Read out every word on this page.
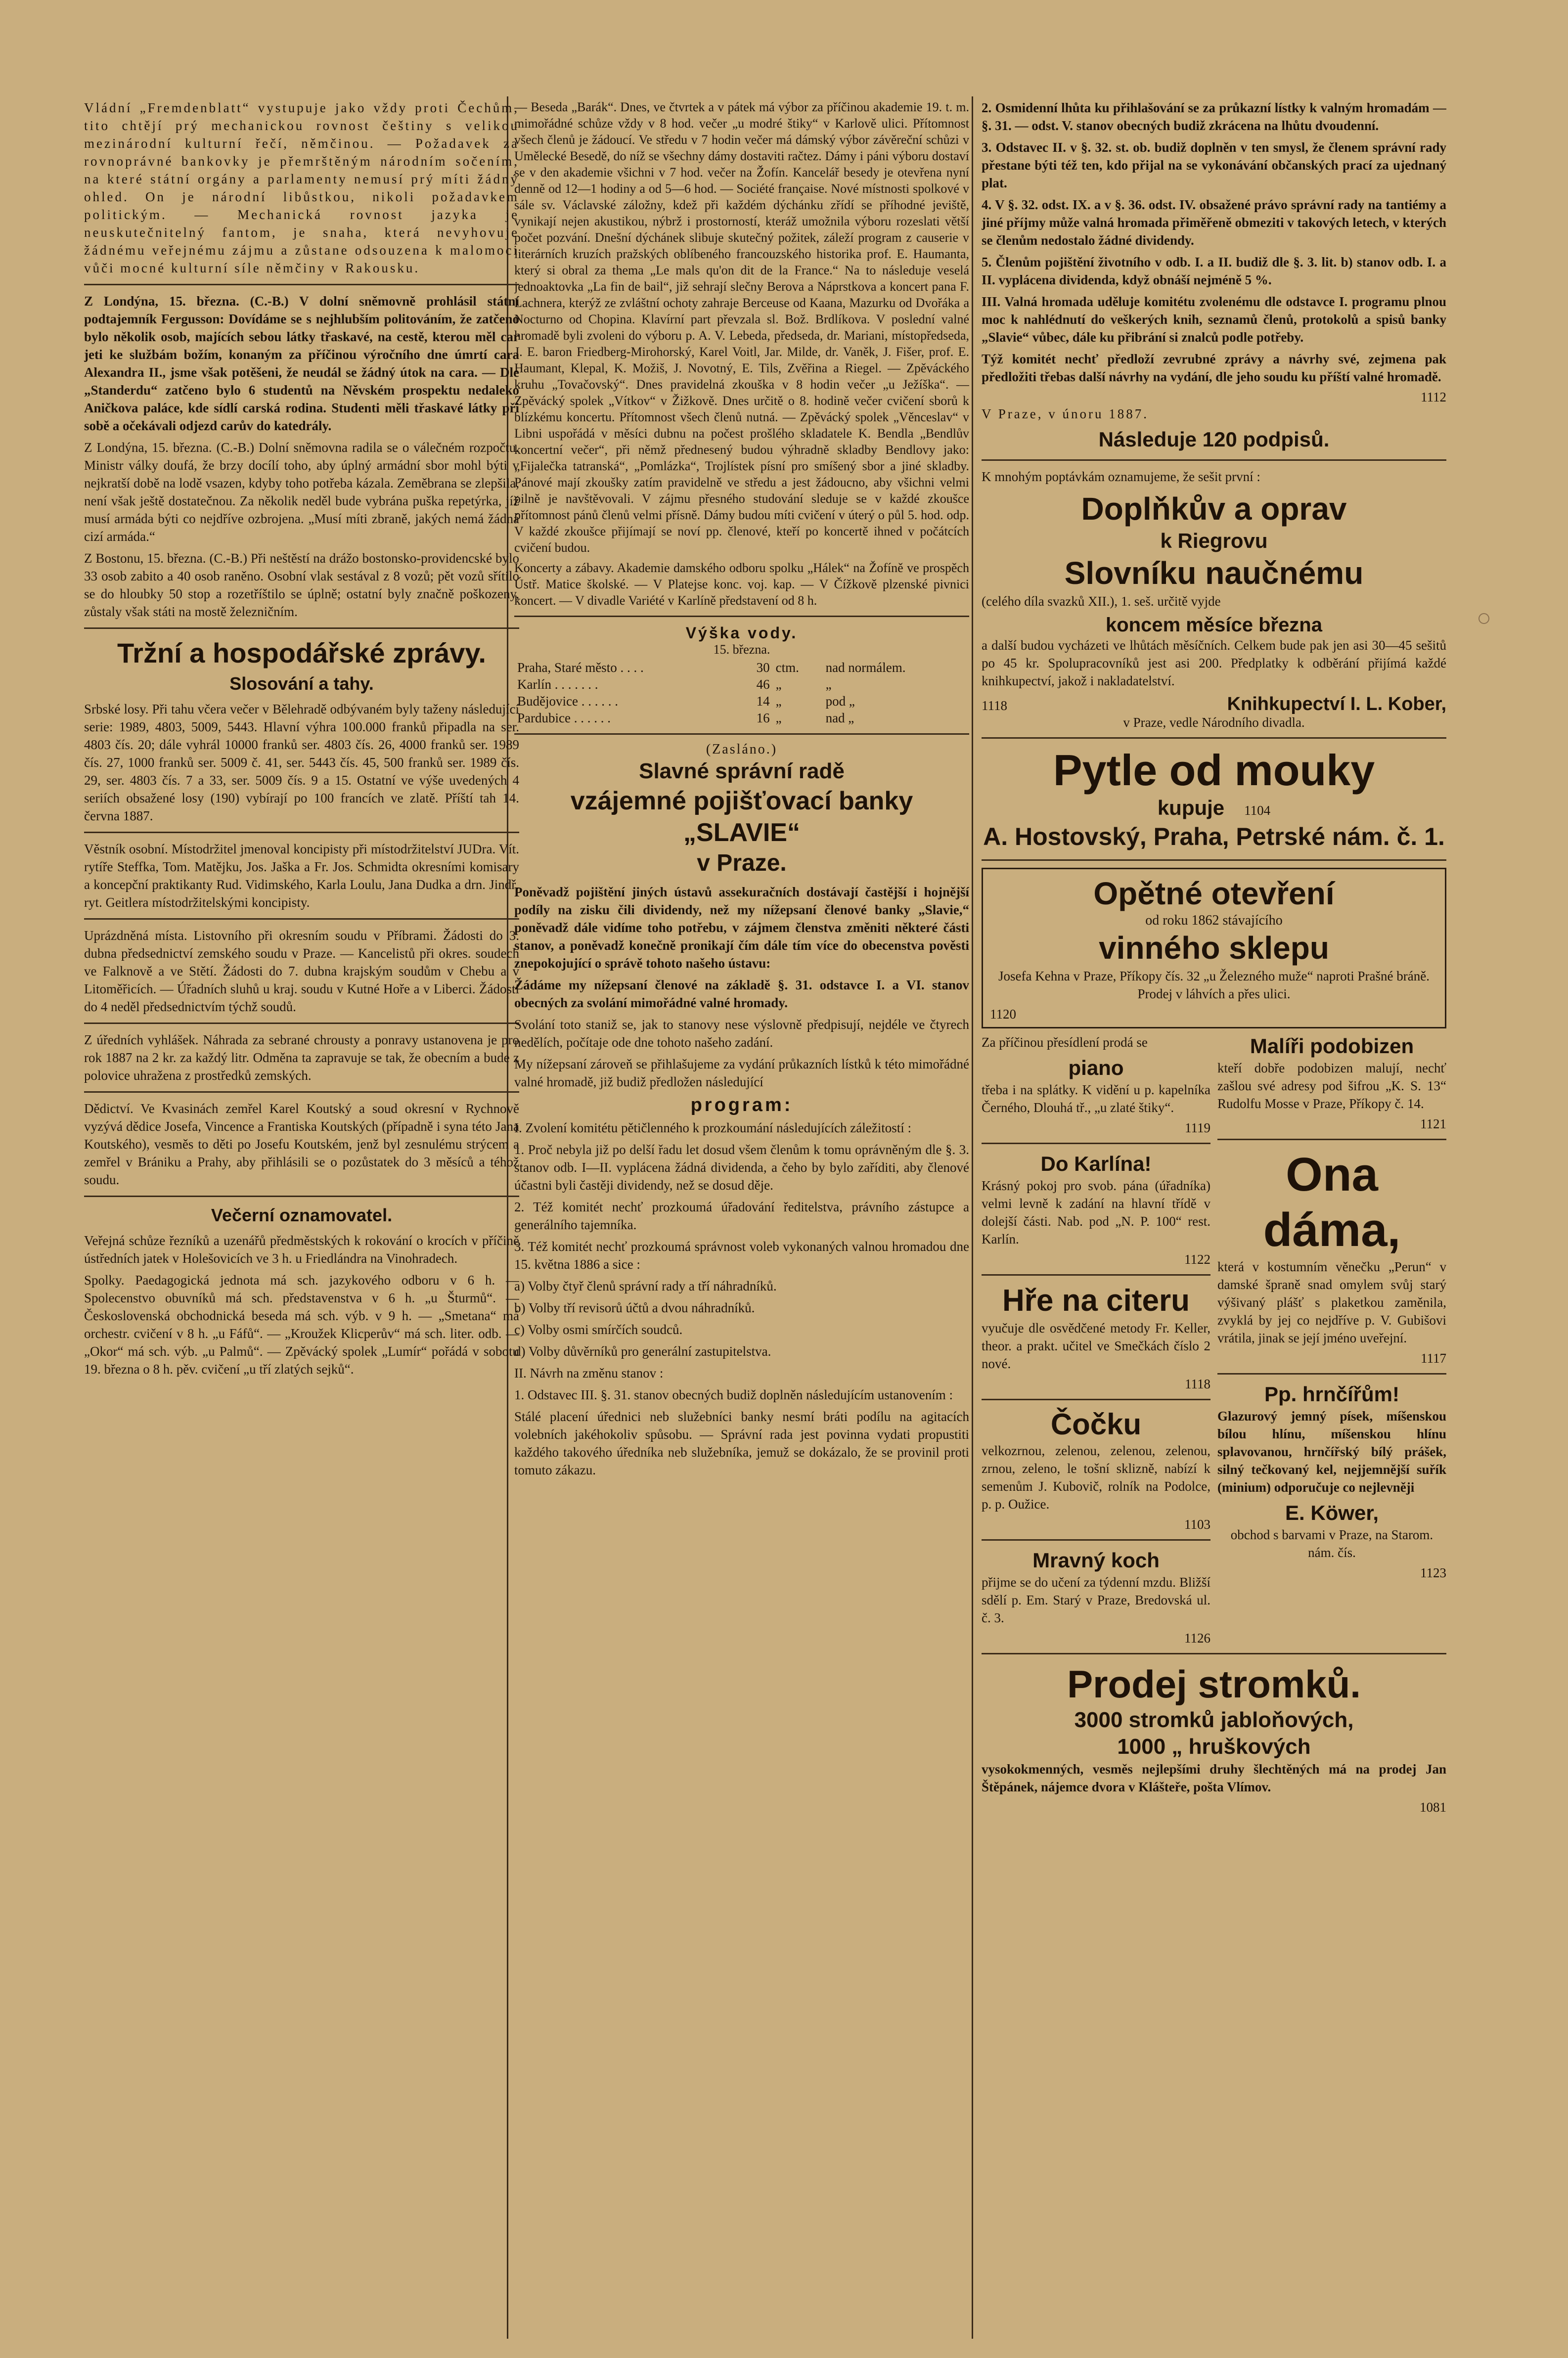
Vládní „Fremdenblatt“ vystupuje jako vždy proti Čechům, tito chtějí prý mechanickou rovnost češtiny s velikou mezinárodní kulturní řečí, němčinou. — Požadavek za rovnoprávné bankovky je přemrštěným národním sočením, na které státní orgány a parlamenty nemusí prý míti žádný ohled. On je národní libůstkou, nikoli požadavkem politickým. — Mechanická rovnost jazyka je neuskutečnitelný fantom, je snaha, která nevyhovuje žádnému veřejnému zájmu a zůstane odsouzena k malomoci vůči mocné kulturní síle němčiny v Rakousku.

Z Londýna, 15. března. (C.-B.) V dolní sněmovně prohlásil státní podtajemník Fergusson: Dovídáme se s nejhlubším politováním, že zatčeno bylo několik osob, majících sebou látky třaskavé, na cestě, kterou měl car jeti ke službám božím, konaným za příčinou výročního dne úmrtí cara Alexandra II., jsme však potěšeni, že neudál se žádný útok na cara. — Dle „Standerdu“ zatčeno bylo 6 studentů na Něvském prospektu nedaleko Aničkova paláce, kde sídlí carská rodina. Studenti měli třaskavé látky při sobě a očekávali odjezd carův do katedrály.

Z Londýna, 15. března. (C.-B.) Dolní sněmovna radila se o válečném rozpočtu. Ministr války doufá, že brzy docílí toho, aby úplný armádní sbor mohl býti v nejkratší době na lodě vsazen, kdyby toho potřeba kázala. Zeměbrana se zlepšila, není však ještě dostatečnou. Za několik neděl bude vybrána puška repetýrka, jíž musí armáda býti co nejdříve ozbrojena. „Musí míti zbraně, jakých nemá žádná cizí armáda.“

Z Bostonu, 15. března. (C.-B.) Při neštěstí na drážo bostonsko-providencské bylo 33 osob zabito a 40 osob raněno. Osobní vlak sestával z 8 vozů; pět vozů sřítilo se do hloubky 50 stop a rozetříštilo se úplně; ostatní byly značně poškozeny, zůstaly však státi na mostě železničním.

Tržní a hospodářské zprávy.
Slosování a tahy.

Srbské losy. Při tahu včera večer v Bělehradě odbývaném byly taženy následující serie: 1989, 4803, 5009, 5443. Hlavní výhra 100.000 franků připadla na ser. 4803 čís. 20; dále vyhrál 10000 franků ser. 4803 čís. 26, 4000 franků ser. 1989 čís. 27, 1000 franků ser. 5009 č. 41, ser. 5443 čís. 45, 500 franků ser. 1989 čís. 29, ser. 4803 čís. 7 a 33, ser. 5009 čís. 9 a 15. Ostatní ve výše uvedených 4 seriích obsažené losy (190) vybírají po 100 francích ve zlatě. Příští tah 14. června 1887.

Věstník osobní. Místodržitel jmenoval koncipisty při místodržitelství JUDra. Vít. rytíře Steffka, Tom. Matějku, Jos. Jaška a Fr. Jos. Schmidta okresními komisary a koncepční praktikanty Rud. Vidimského, Karla Loulu, Jana Dudka a drn. Jindř. ryt. Geitlera místodržitelskými koncipisty.

Uprázdněná místa. Listovního při okresním soudu v Příbrami. Žádosti do 3. dubna předsednictví zemského soudu v Praze. — Kancelistů při okres. soudech ve Falknově a ve Stětí. Žádosti do 7. dubna krajským soudům v Chebu a v Litoměřicích. — Úřadních sluhů u kraj. soudu v Kutné Hoře a v Liberci. Žádosti do 4 neděl předsednictvím týchž soudů.

Z úředních vyhlášek. Náhrada za sebrané chrousty a ponravy ustanovena je pro rok 1887 na 2 kr. za každý litr. Odměna ta zapravuje se tak, že obecním a bude z polovice uhražena z prostředků zemských.

Dědictví. Ve Kvasinách zemřel Karel Koutský a soud okresní v Rychnově vyzývá dědice Josefa, Vincence a Frantiska Koutských (případně i syna této Jana Koutského), vesměs to děti po Josefu Koutském, jenž byl zesnulému strýcem a zemřel v Brániku a Prahy, aby přihlásili se o pozůstatek do 3 měsíců a téhož soudu.

Večerní oznamovatel.

Veřejná schůze řezníků a uzenářů předměstských k rokování o krocích v příčině ústředních jatek v Holešovicích ve 3 h. u Friedlándra na Vinohradech.

Spolky. Paedagogická jednota má sch. jazykového odboru v 6 h. — Spolecenstvo obuvníků má sch. představenstva v 6 h. „u Šturmů“. — Československá obchodnická beseda má sch. výb. v 9 h. — „Smetana“ má orchestr. cvičení v 8 h. „u Fáfů“. — „Kroužek Klicperův“ má sch. liter. odb. — „Okor“ má sch. výb. „u Palmů“. — Zpěvácký spolek „Lumír“ pořádá v sobotu 19. března o 8 h. pěv. cvičení „u tří zlatých sejků“.

— Beseda „Barák“. Dnes, ve čtvrtek a v pátek má výbor za příčinou akademie 19. t. m. mimořádné schůze vždy v 8 hod. večer „u modré štiky“ v Karlově ulici. Přítomnost všech členů je žádoucí. Ve středu v 7 hodin večer má dámský výbor závěreční schůzi v Umělecké Besedě, do níž se všechny dámy dostaviti račtez. Dámy i páni výboru dostaví se v den akademie všichni v 7 hod. večer na Žofín. Kancelář besedy je otevřena nyní denně od 12—1 hodiny a od 5—6 hod. — Société française. Nové místnosti spolkové v sále sv. Václavské záložny, kdež při každém dýchánku zřídí se příhodné jeviště, vynikají nejen akustikou, nýbrž i prostorností, kteráž umožnila výboru rozeslati větší počet pozvání. Dnešní dýchánek slibuje skutečný požitek, záleží program z causerie v literárních kruzích pražských oblíbeného francouzského historika prof. E. Haumanta, který si obral za thema „Le mals qu'on dit de la France.“ Na to následuje veselá jednoaktovka „La fin de bail“, již sehrají slečny Berova a Náprstkova a koncert pana F. Lachnera, kterýž ze zvláštní ochoty zahraje Berceuse od Kaana, Mazurku od Dvořáka a Nocturno od Chopina. Klavírní part převzala sl. Bož. Brdlíkova. V poslední valné hromadě byli zvoleni do výboru p. A. V. Lebeda, předseda, dr. Mariani, místopředseda, J. E. baron Friedberg-Mirohorský, Karel Voitl, Jar. Milde, dr. Vaněk, J. Fišer, prof. E. Haumant, Klepal, K. Možiš, J. Novotný, E. Tils, Zvěřina a Riegel. — Zpěváckého kruhu „Tovačovský“. Dnes pravidelná zkouška v 8 hodin večer „u Ježíška“. — Zpěvácký spolek „Vítkov“ v Žižkově. Dnes určitě o 8. hodině večer cvičení sborů k blízkému koncertu. Přítomnost všech členů nutná. — Zpěvácký spolek „Věnceslav“ v Libni uspořádá v měsíci dubnu na počest prošlého skladatele K. Bendla „Bendlův koncertní večer“, při němž přednesený budou výhradně skladby Bendlovy jako: „Fijalečka tatranská“, „Pomlázka“, Trojlístek písní pro smíšený sbor a jiné skladby. Pánové mají zkoušky zatím pravidelně ve středu a jest žádoucno, aby všichni velmi pilně je navštěvovali. V zájmu přesného studování sleduje se v každé zkoušce přítomnost pánů členů velmi přísně. Dámy budou míti cvičení v úterý o půl 5. hod. odp. V každé zkoušce přijímají se noví pp. členové, kteří po koncertě ihned v počátcích cvičení budou.

Koncerty a zábavy. Akademie damského odboru spolku „Hálek“ na Žofíně ve prospěch Ústř. Matice školské. — V Platejse konc. voj. kap. — V Čížkově plzenské pivnici koncert. — V divadle Variété v Karlíně představení od 8 h.

Výška vody.
15. března.
Praha, Staré město . . . .	30	ctm.	nad normálem.
Karlín . . . . . . .	46	„	„
Budějovice . . . . . .	14	„	pod „
Pardubice . . . . . .	16	„	nad „
(Zasláno.)
Slavné správní radě
vzájemné pojišťovací banky „SLAVIE“
v Praze.

Poněvadž pojištění jiných ústavů assekuračních dostávají častější i hojnější podíly na zisku čili dividendy, než my nížepsaní členové banky „Slavie,“ poněvadž dále vidíme toho potřebu, v zájmem členstva změniti některé části stanov, a poněvadž konečně pronikají čím dále tím více do obecenstva pověsti znepokojující o správě tohoto našeho ústavu:

Žádáme my nížepsaní členové na základě §. 31. odstavce I. a VI. stanov obecných za svolání mimořádné valné hromady.

Svolání toto staniž se, jak to stanovy nese výslovně předpisují, nejdéle ve čtyrech nedělích, počítaje ode dne tohoto našeho zadání.

My nížepsaní zároveň se přihlašujeme za vydání průkazních lístků k této mimořádné valné hromadě, již budiž předložen následující

program:

I. Zvolení komitétu pětičlenného k prozkoumání následujících záležitostí :

1. Proč nebyla již po delší řadu let dosud všem členům k tomu oprávněným dle §. 3. stanov odb. I—II. vyplácena žádná dividenda, a čeho by bylo zaříditi, aby členové účastni byli častěji dividendy, než se dosud děje.

2. Též komitét nechť prozkoumá úřadování ředitelstva, právního zástupce a generálního tajemníka.

3. Též komitét nechť prozkoumá správnost voleb vykonaných valnou hromadou dne 15. května 1886 a sice :

a) Volby čtyř členů správní rady a tří náhradníků.

b) Volby tří revisorů účtů a dvou náhradníků.

c) Volby osmi smírčích soudců.

d) Volby důvěrníků pro generální zastupitelstva.

II. Návrh na změnu stanov :

1. Odstavec III. §. 31. stanov obecných budiž doplněn následujícím ustanovením :

Stálé placení úřednici neb služebníci banky nesmí bráti podílu na agitacích volebních jakéhokoliv spůsobu. — Správní rada jest povinna vydati propustiti každého takového úředníka neb služebníka, jemuž se dokázalo, že se provinil proti tomuto zákazu.

2. Osmidenní lhůta ku přihlašování se za průkazní lístky k valným hromadám — §. 31. — odst. V. stanov obecných budiž zkrácena na lhůtu dvoudenní.

3. Odstavec II. v §. 32. st. ob. budiž doplněn v ten smysl, že členem správní rady přestane býti též ten, kdo přijal na se vykonávání občanských prací za ujednaný plat.

4. V §. 32. odst. IX. a v §. 36. odst. IV. obsažené právo správní rady na tantiémy a jiné příjmy může valná hromada přiměřeně obmeziti v takových letech, v kterých se členům nedostalo žádné dividendy.

5. Členům pojištění životního v odb. I. a II. budiž dle §. 3. lit. b) stanov odb. I. a II. vyplácena dividenda, když obnáší nejméně 5 %.

III. Valná hromada uděluje komitétu zvolenému dle odstavce I. programu plnou moc k nahlédnutí do veškerých knih, seznamů členů, protokolů a spisů banky „Slavie“ vůbec, dále ku přibrání si znalců podle potřeby.

Týž komitét nechť předloží zevrubné zprávy a návrhy své, zejmena pak předložiti třebas další návrhy na vydání, dle jeho soudu ku příští valné hromadě.

1112

V Praze, v únoru 1887.

Následuje 120 podpisů.

K mnohým poptávkám oznamujeme, že sešit první :

Doplňkův a oprav
k Riegrovu
Slovníku naučnému

(celého díla svazků XII.), 1. seš. určitě vyjde

koncem měsíce března

a další budou vycházeti ve lhůtách měsíčních. Celkem bude pak jen asi 30—45 sešitů po 45 kr. Spolupracovníků jest asi 200. Předplatky k odběrání přijímá každé knihkupectví, jakož i nakladatelství.

1118	Knihkupectví I. L. Kober,
v Praze, vedle Národního divadla.
Pytle od mouky
kupuje 1104
A. Hostovský, Praha, Petrské nám. č. 1.
Opětné otevření
od roku 1862 stávajícího
vinného sklepu

Josefa Kehna v Praze, Příkopy čís. 32 „u Železného muže“ naproti Prašné bráně. Prodej v láhvích a přes ulici.

1120

Za příčinou přesídlení prodá se

piano

třeba i na splátky. K vidění u p. kapelníka Černého, Dlouhá tř., „u zlaté štiky“.

1119
Do Karlína!

Krásný pokoj pro svob. pána (úřadníka) velmi levně k zadání na hlavní třídě v dolejší části. Nab. pod „N. P. 100“ rest. Karlín.

1122
Hře na citeru

vyučuje dle osvědčené metody Fr. Keller, theor. a prakt. učitel ve Smečkách číslo 2 nové.

1118
Čočku

velkozrnou, zelenou, zelenou, zelenou, zrnou, zeleno, le tošní sklizně, nabízí k semenům J. Kubovič, rolník na Podolce, p. p. Oužice.

1103
Mravný koch

přijme se do učení za týdenní mzdu. Bližší sdělí p. Em. Starý v Praze, Bredovská ul. č. 3.

1126
Malíři podobizen

kteří dobře podobizen malují, nechť zašlou své adresy pod šifrou „K. S. 13“ Rudolfu Mosse v Praze, Příkopy č. 14.

1121
Ona dáma,

která v kostumním věnečku „Perun“ v damské špraně snad omylem svůj starý výšivaný plášť s plaketkou zaměnila, zvyklá by jej co nejdříve p. V. Gubišovi vrátila, jinak se její jméno uveřejní.

1117
Pp. hrnčířům!

Glazurový jemný písek, míšenskou bílou hlínu, míšenskou hlínu splavovanou, hrnčířský bílý prášek, silný tečkovaný kel, nejjemnější suřík (minium) odporučuje co nejlevněji

E. Köwer,

obchod s barvami v Praze, na Starom. nám. čís.

1123
Prodej stromků.
3000 stromků jabloňových,
1000 „ hruškových

vysokokmenných, vesměs nejlepšími druhy šlechtěných má na prodej Jan Štěpánek, nájemce dvora v Klášteře, pošta Vlímov.

1081
